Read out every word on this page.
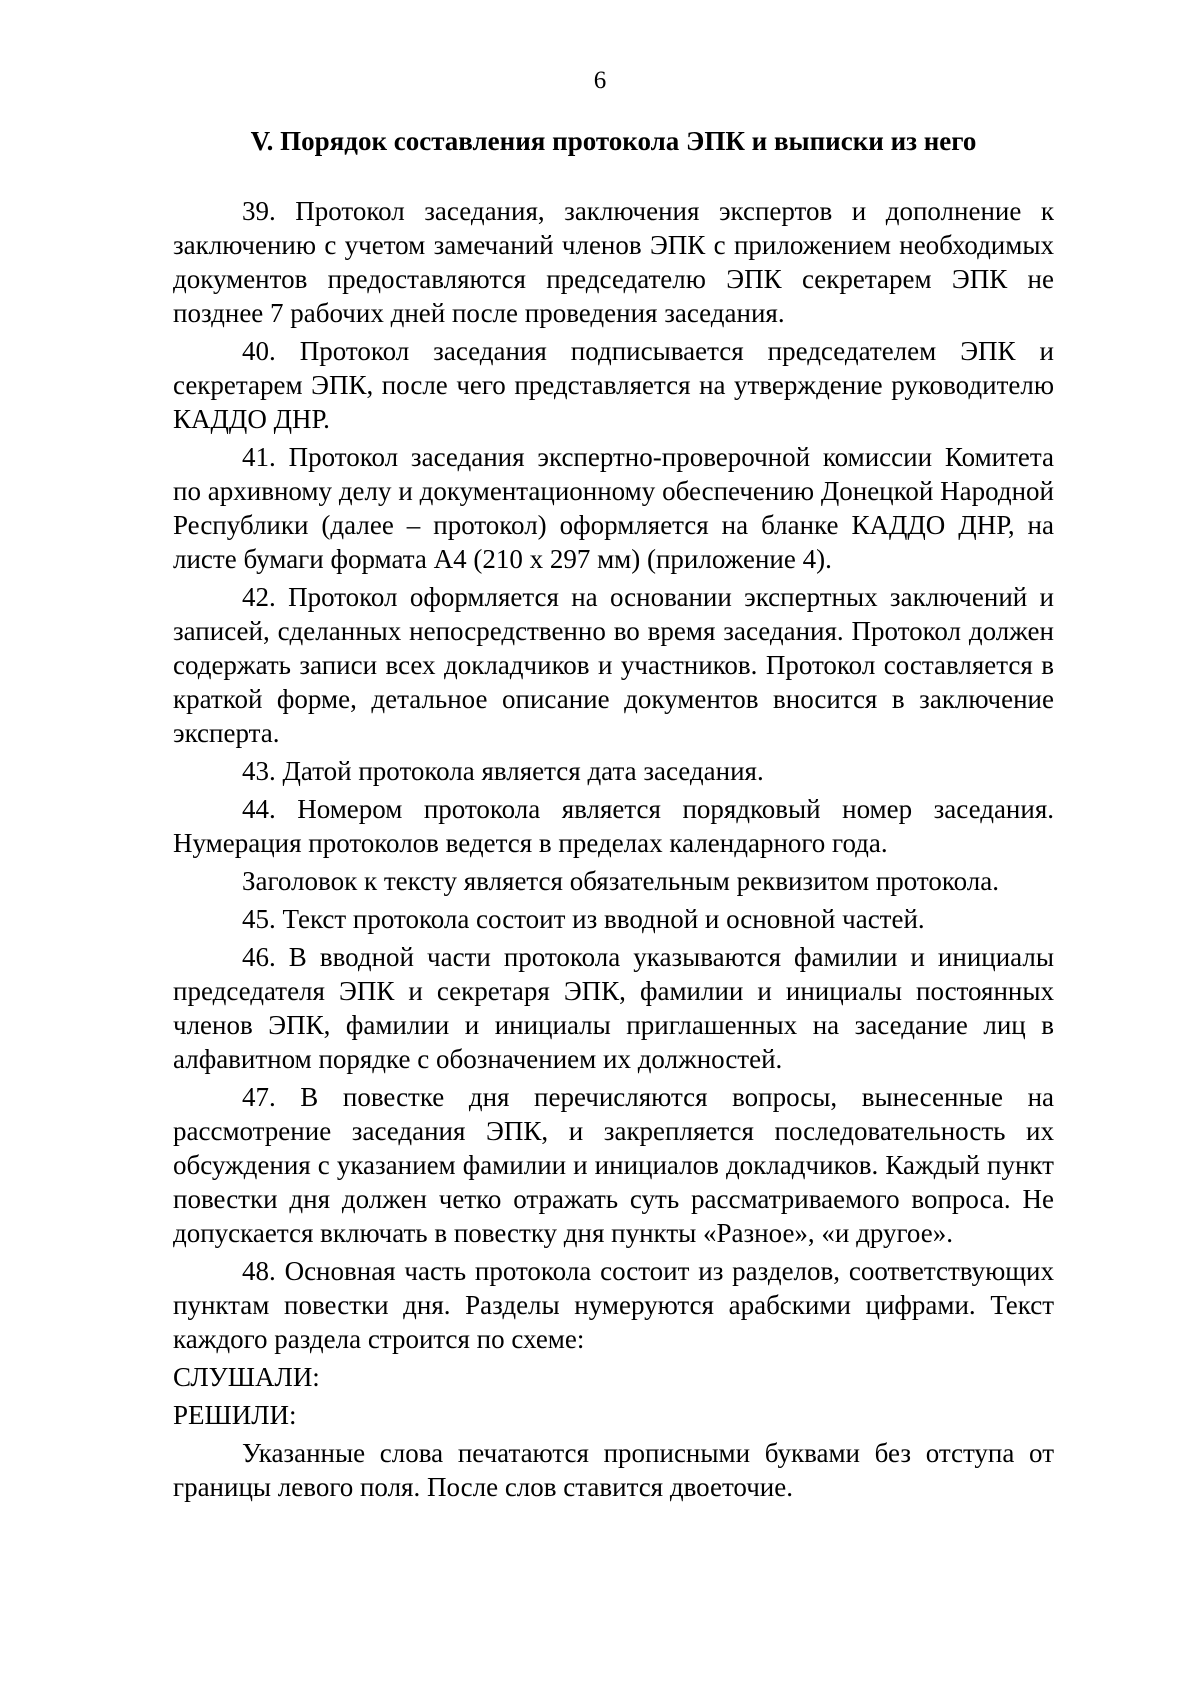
6
V. Порядок составления протокола ЭПК и выписки из него

39. Протокол заседания, заключения экспертов и дополнение к заключению с учетом замечаний членов ЭПК с приложением необходимых документов предоставляются председателю ЭПК секретарем ЭПК не позднее 7 рабочих дней после проведения заседания.

40. Протокол заседания подписывается председателем ЭПК и секретарем ЭПК, после чего представляется на утверждение руководителю КАДДО ДНР.

41. Протокол заседания экспертно-проверочной комиссии Комитета по архивному делу и документационному обеспечению Донецкой Народной Республики (далее – протокол) оформляется на бланке КАДДО ДНР, на листе бумаги формата А4 (210 х 297 мм) (приложение 4).

42. Протокол оформляется на основании экспертных заключений и записей, сделанных непосредственно во время заседания. Протокол должен содержать записи всех докладчиков и участников. Протокол составляется в краткой форме, детальное описание документов вносится в заключение эксперта.

43. Датой протокола является дата заседания.

44. Номером протокола является порядковый номер заседания. Нумерация протоколов ведется в пределах календарного года.

Заголовок к тексту является обязательным реквизитом протокола.

45. Текст протокола состоит из вводной и основной частей.

46. В вводной части протокола указываются фамилии и инициалы председателя ЭПК и секретаря ЭПК, фамилии и инициалы постоянных членов ЭПК, фамилии и инициалы приглашенных на заседание лиц в алфавитном порядке с обозначением их должностей.

47. В повестке дня перечисляются вопросы, вынесенные на рассмотрение заседания ЭПК, и закрепляется последовательность их обсуждения с указанием фамилии и инициалов докладчиков. Каждый пункт повестки дня должен четко отражать суть рассматриваемого вопроса. Не допускается включать в повестку дня пункты «Разное», «и другое».

48. Основная часть протокола состоит из разделов, соответствующих пунктам повестки дня. Разделы нумеруются арабскими цифрами. Текст каждого раздела строится по схеме:

СЛУШАЛИ:

РЕШИЛИ:

Указанные слова печатаются прописными буквами без отступа от границы левого поля. После слов ставится двоеточие.
